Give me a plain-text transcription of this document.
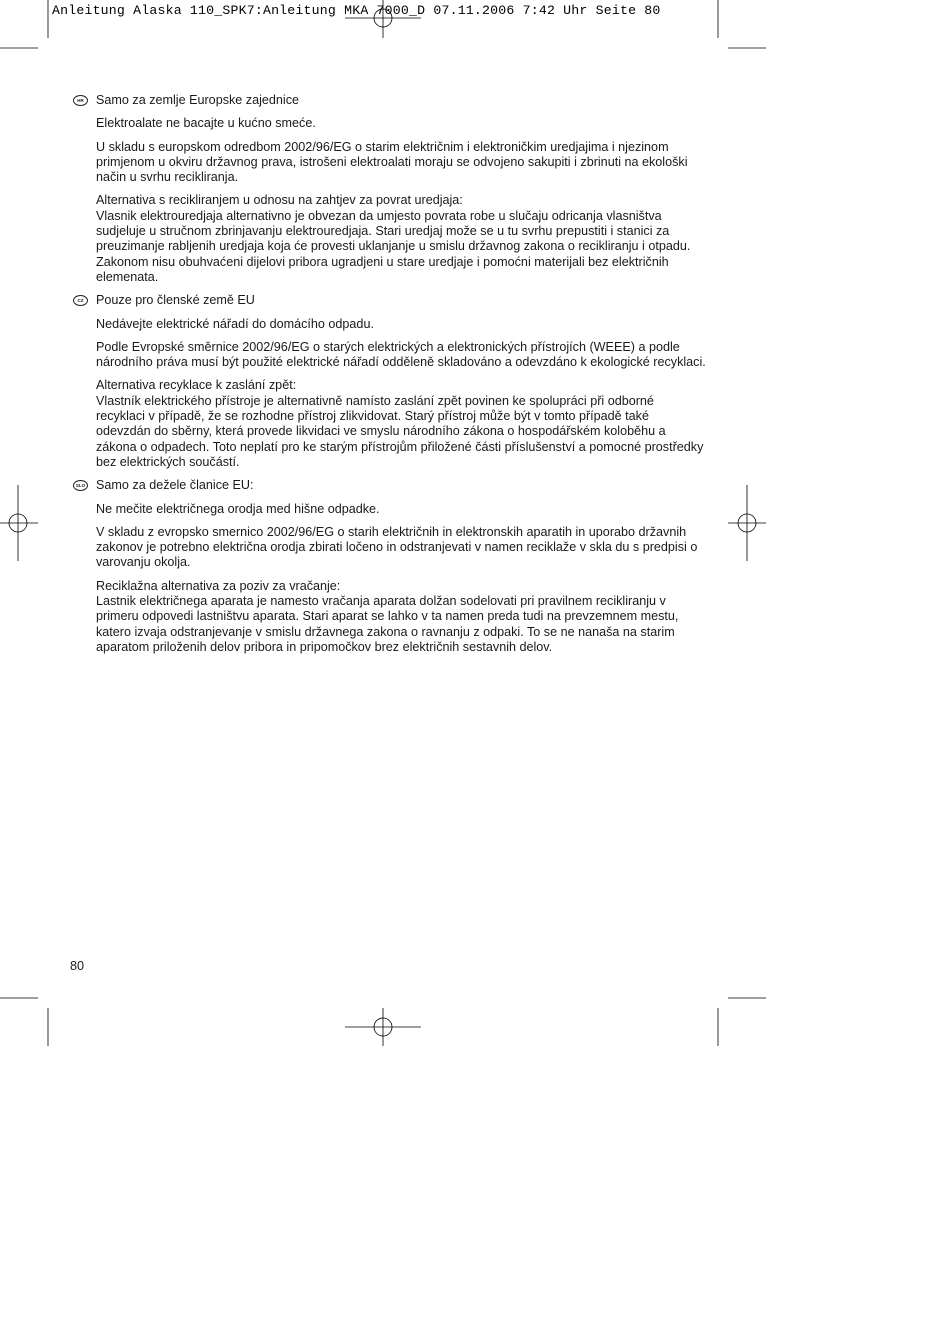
Anleitung Alaska 110_SPK7:Anleitung MKA 7000_D 07.11.2006 7:42 Uhr Seite 80
HR Samo za zemlje Europske zajednice

Elektroalate ne bacajte u kućno smeće.

U skladu s europskom odredbom 2002/96/EG o starim električnim i elektroničkim uredjajima i njezinom primjenom u okviru državnog prava, istrošeni elektroalati moraju se odvojeno sakupiti i zbrinuti na ekološki način u svrhu recikliranja.

Alternativa s recikliranjem u odnosu na zahtjev za povrat uredjaja:
Vlasnik elektrouredjaja alternativno je obvezan da umjesto povrata robe u slučaju odricanja vlasništva sudjeluje u stručnom zbrinjavanju elektrouredjaja. Stari uredjaj može se u tu svrhu prepustiti i stanici za preuzimanje rabljenih uredjaja koja će provesti uklanjanje u smislu državnog zakona o recikliranju i otpadu. Zakonom nisu obuhvaćeni dijelovi pribora ugradjeni u stare uredjaje i pomoćni materijali bez električnih elemenata.

CZ Pouze pro členské země EU

Nedávejte elektrické nářadí do domácího odpadu.

Podle Evropské směrnice 2002/96/EG o starých elektrických a elektronických přístrojích (WEEE) a podle národního práva musí být použité elektrické nářadí odděleně skladováno a odevzdáno k ekologické recyklaci.

Alternativa recyklace k zaslání zpět:
Vlastník elektrického přístroje je alternativně namísto zaslání zpět povinen ke spolupráci při odborné recyklaci v případě, že se rozhodne přístroj zlikvidovat. Starý přístroj může být v tomto případě také odevzdán do sběrny, která provede likvidaci ve smyslu národního zákona o hospodářském koloběhu a zákona o odpadech. Toto neplatí pro ke starým přístrojům přiložené části příslušenství a pomocné prostředky bez elektrických součástí.

SLO Samo za dežele članice EU:

Ne mečite električnega orodja med hišne odpadke.

V skladu z evropsko smernico 2002/96/EG o starih električnih in elektronskih aparatih in uporabo državnih zakonov je potrebno električna orodja zbirati ločeno in odstranjevati v namen reciklaže v skla du s predpisi o varovanju okolja.

Reciklažna alternativa za poziv za vračanje:
Lastnik električnega aparata je namesto vračanja aparata dolžan sodelovati pri pravilnem recikliranju v primeru odpovedi lastništvu aparata. Stari aparat se lahko v ta namen preda tudi na prevzemnem mestu, katero izvaja odstranjevanje v smislu državnega zakona o ravnanju z odpaki. To se ne nanaša na starim aparatom priloženih delov pribora in pripomočkov brez električnih sestavnih delov.

80
